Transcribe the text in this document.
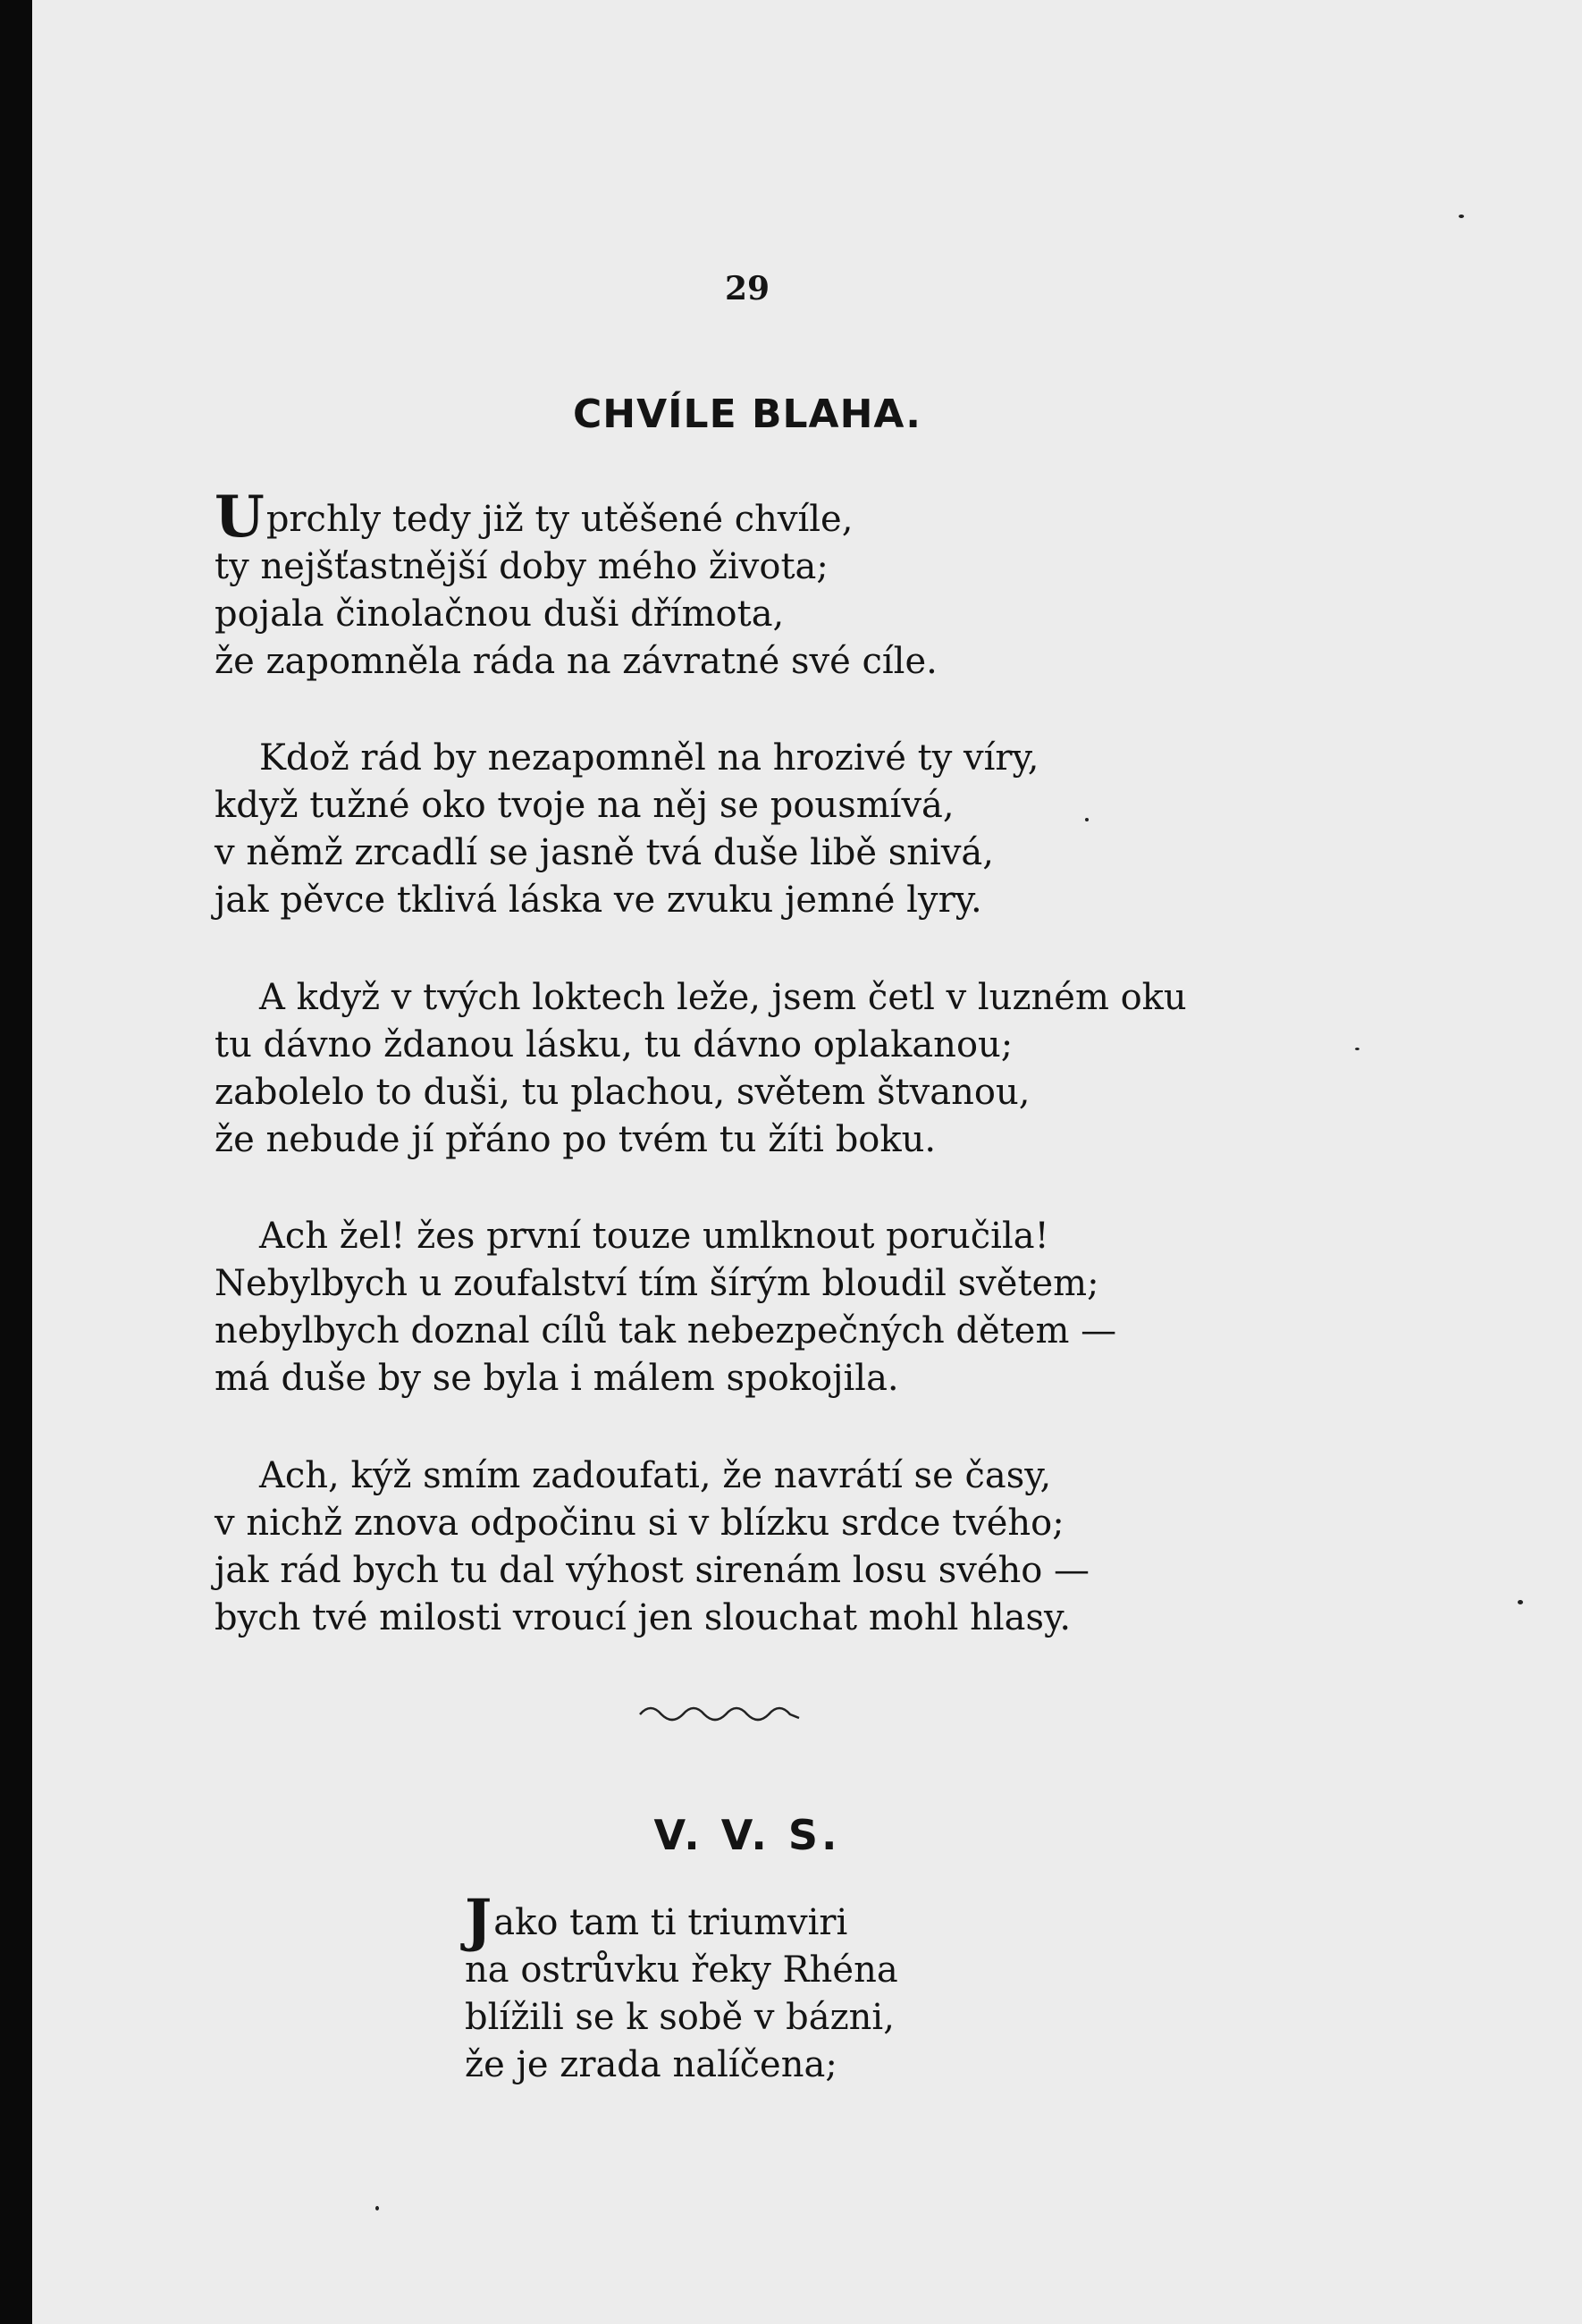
29
CHVÍLE BLAHA.
Uprchly tedy již ty utěšené chvíle,
ty nejšťastnější doby mého života;
pojala činolačnou duši dřímota,
že zapomněla ráda na závratné své cíle.
Kdož rád by nezapomněl na hrozivé ty víry,
když tužné oko tvoje na něj se pousmívá,
v němž zrcadlí se jasně tvá duše libě snivá,
jak pěvce tklivá láska ve zvuku jemné lyry.
A když v tvých loktech leže, jsem četl v luzném oku
tu dávno ždanou lásku, tu dávno oplakanou;
zabolelo to duši, tu plachou, světem štvanou,
že nebude jí přáno po tvém tu žíti boku.
Ach žel! žes první touze umlknout poručila!
Nebylbych u zoufalství tím šírým bloudil světem;
nebylbych doznal cílů tak nebezpečných dětem —
má duše by se byla i málem spokojila.
Ach, kýž smím zadoufati, že navrátí se časy,
v nichž znova odpočinu si v blízku srdce tvého;
jak rád bych tu dal výhost sirenám losu svého —
bych tvé milosti vroucí jen slouchat mohl hlasy.
V. V. S.
Jako tam ti triumviri
na ostrůvku řeky Rhéna
blížili se k sobě v bázni,
že je zrada nalíčena;
